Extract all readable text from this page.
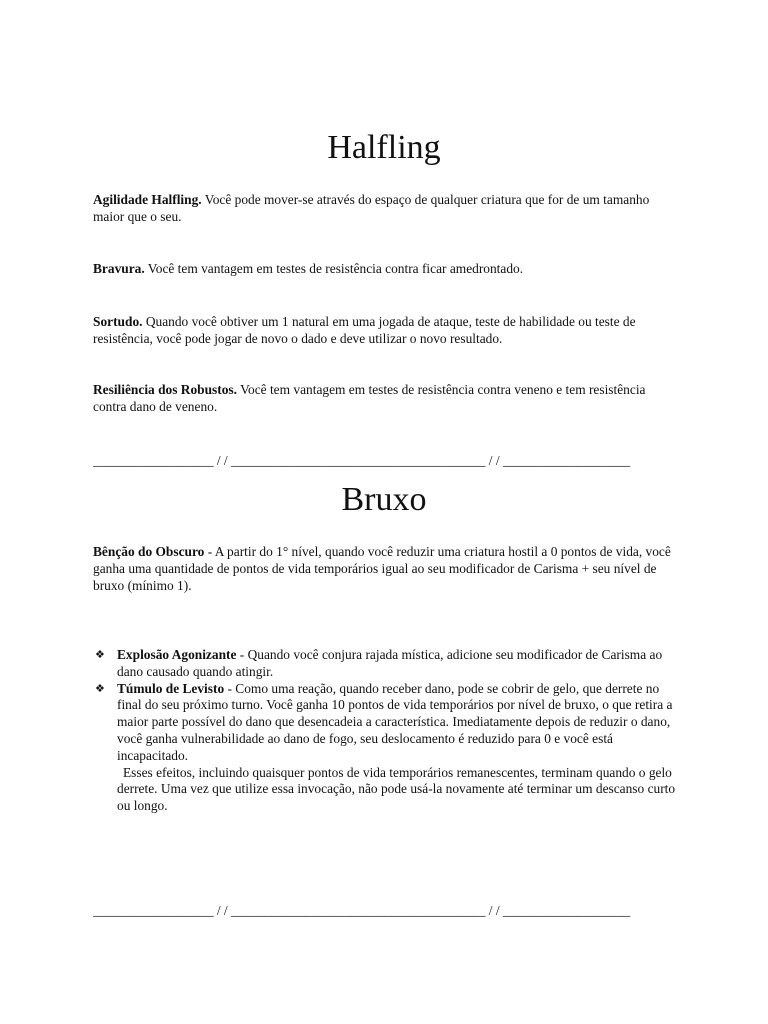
Halfling
Agilidade Halfling. Você pode mover-se através do espaço de qualquer criatura que for de um tamanho maior que o seu.
Bravura. Você tem vantagem em testes de resistência contra ficar amedrontado.
Sortudo. Quando você obtiver um 1 natural em uma jogada de ataque, teste de habilidade ou teste de resistência, você pode jogar de novo o dado e deve utilizar o novo resultado.
Resiliência dos Robustos. Você tem vantagem em testes de resistência contra veneno e tem resistência contra dano de veneno.
__________________ / / ______________________________________ / / ___________________
Bruxo
Bênção do Obscuro - A partir do 1° nível, quando você reduzir uma criatura hostil a 0 pontos de vida, você ganha uma quantidade de pontos de vida temporários igual ao seu modificador de Carisma + seu nível de bruxo (mínimo 1).
❖ Explosão Agonizante - Quando você conjura rajada mística, adicione seu modificador de Carisma ao dano causado quando atingir.
❖ Túmulo de Levisto - Como uma reação, quando receber dano, pode se cobrir de gelo, que derrete no final do seu próximo turno. Você ganha 10 pontos de vida temporários por nível de bruxo, o que retira a maior parte possível do dano que desencadeia a característica. Imediatamente depois de reduzir o dano, você ganha vulnerabilidade ao dano de fogo, seu deslocamento é reduzido para 0 e você está incapacitado.
Esses efeitos, incluindo quaisquer pontos de vida temporários remanescentes, terminam quando o gelo derrete. Uma vez que utilize essa invocação, não pode usá-la novamente até terminar um descanso curto ou longo.
__________________ / / ______________________________________ / / ___________________
